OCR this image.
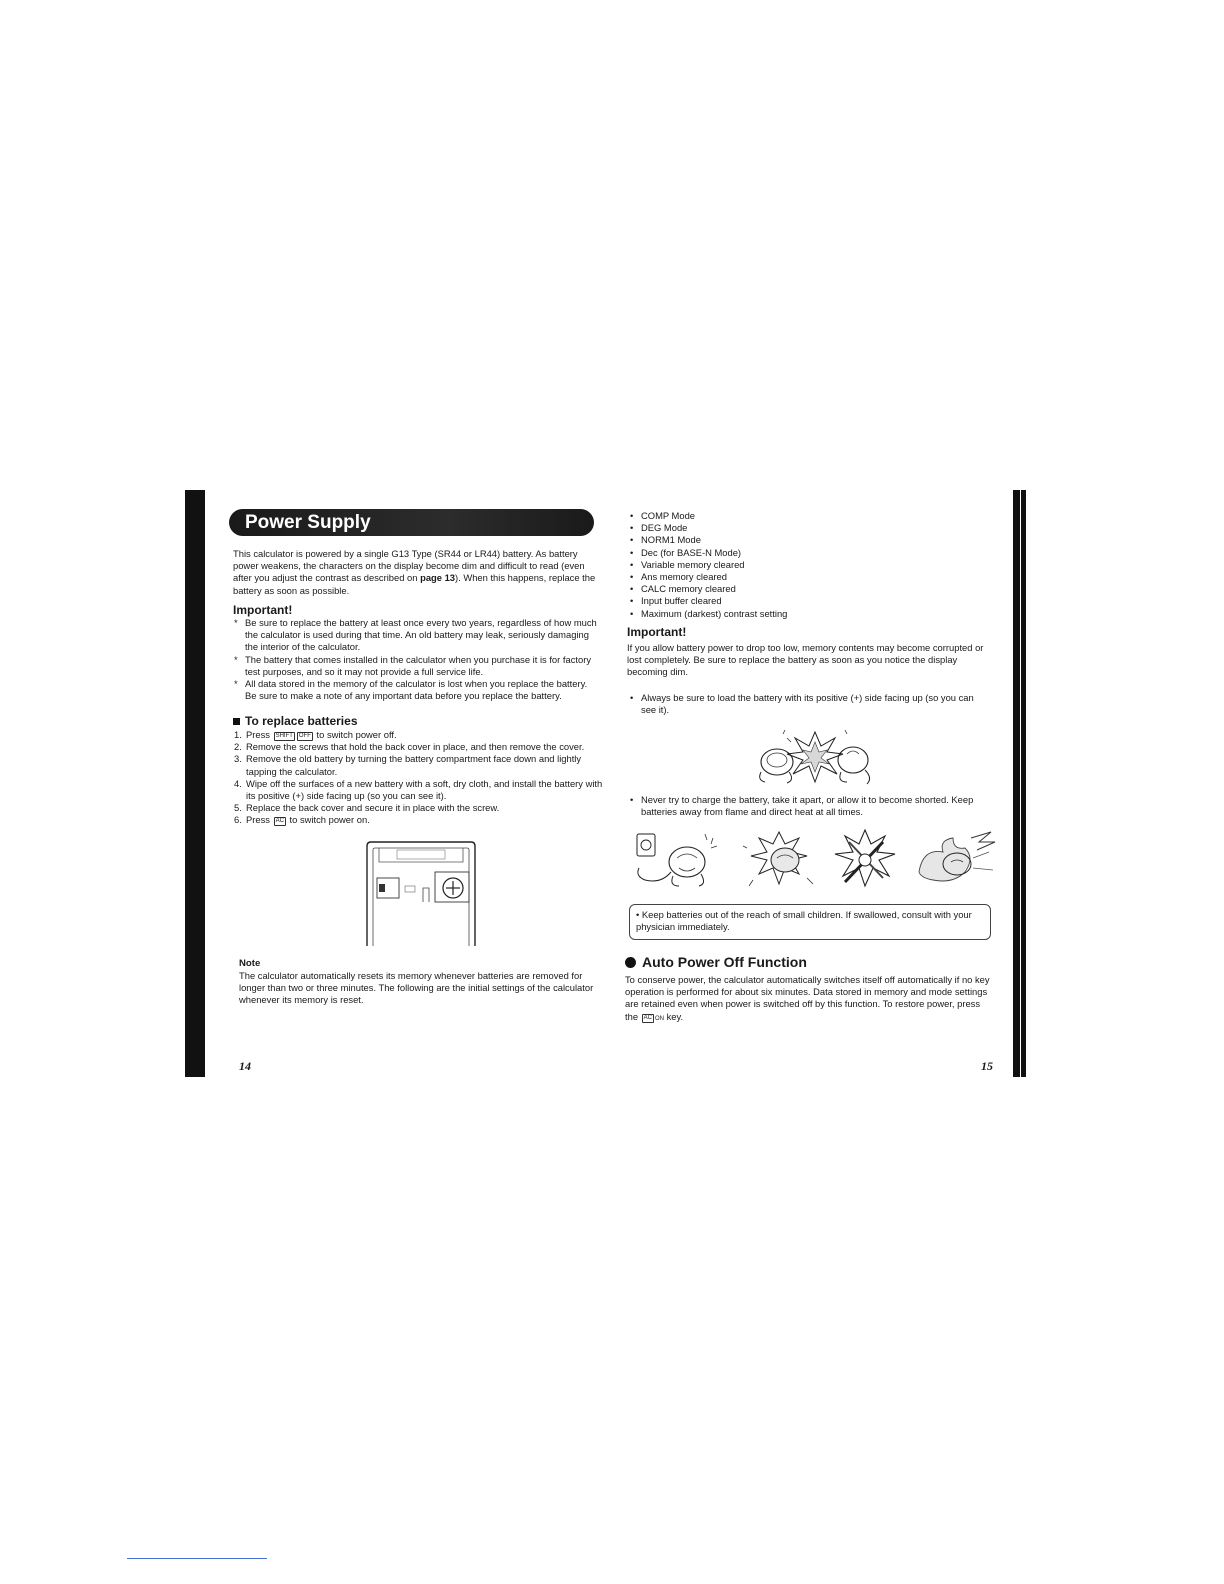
Power Supply

This calculator is powered by a single G13 Type (SR44 or LR44) battery. As battery power weakens, the characters on the display become dim and difficult to read (even after you adjust the contrast as described on page 13). When this happens, replace the battery as soon as possible.

Important!
* Be sure to replace the battery at least once every two years, regardless of how much the calculator is used during that time. An old battery may leak, seriously damaging the interior of the calculator.
* The battery that comes installed in the calculator when you purchase it is for factory test purposes, and so it may not provide a full service life.
* All data stored in the memory of the calculator is lost when you replace the battery. Be sure to make a note of any important data before you replace the battery.
To replace batteries
1. Press SHIFT OFF to switch power off.
2. Remove the screws that hold the back cover in place, and then remove the cover.
3. Remove the old battery by turning the battery compartment face down and lightly tapping the calculator.
4. Wipe off the surfaces of a new battery with a soft, dry cloth, and install the battery with its positive (+) side facing up (so you can see it).
5. Replace the back cover and secure it in place with the screw.
6. Press AC to switch power on.
Note

The calculator automatically resets its memory whenever batteries are removed for longer than two or three minutes. The following are the initial settings of the calculator whenever its memory is reset.

14
• COMP Mode
• DEG Mode
• NORM1 Mode
• Dec (for BASE-N Mode)
• Variable memory cleared
• Ans memory cleared
• CALC memory cleared
• Input buffer cleared
• Maximum (darkest) contrast setting
Important!

If you allow battery power to drop too low, memory contents may become corrupted or lost completely. Be sure to replace the battery as soon as you notice the display becoming dim.

• Always be sure to load the battery with its positive (+) side facing up (so you can see it).
• Never try to charge the battery, take it apart, or allow it to become shorted. Keep batteries away from flame and direct heat at all times.
• Keep batteries out of the reach of small children. If swallowed, consult with your physician immediately.
Auto Power Off Function

To conserve power, the calculator automatically switches itself off automatically if no key operation is performed for about six minutes. Data stored in memory and mode settings are retained even when power is switched off by this function. To restore power, press the AC ON key.

15
